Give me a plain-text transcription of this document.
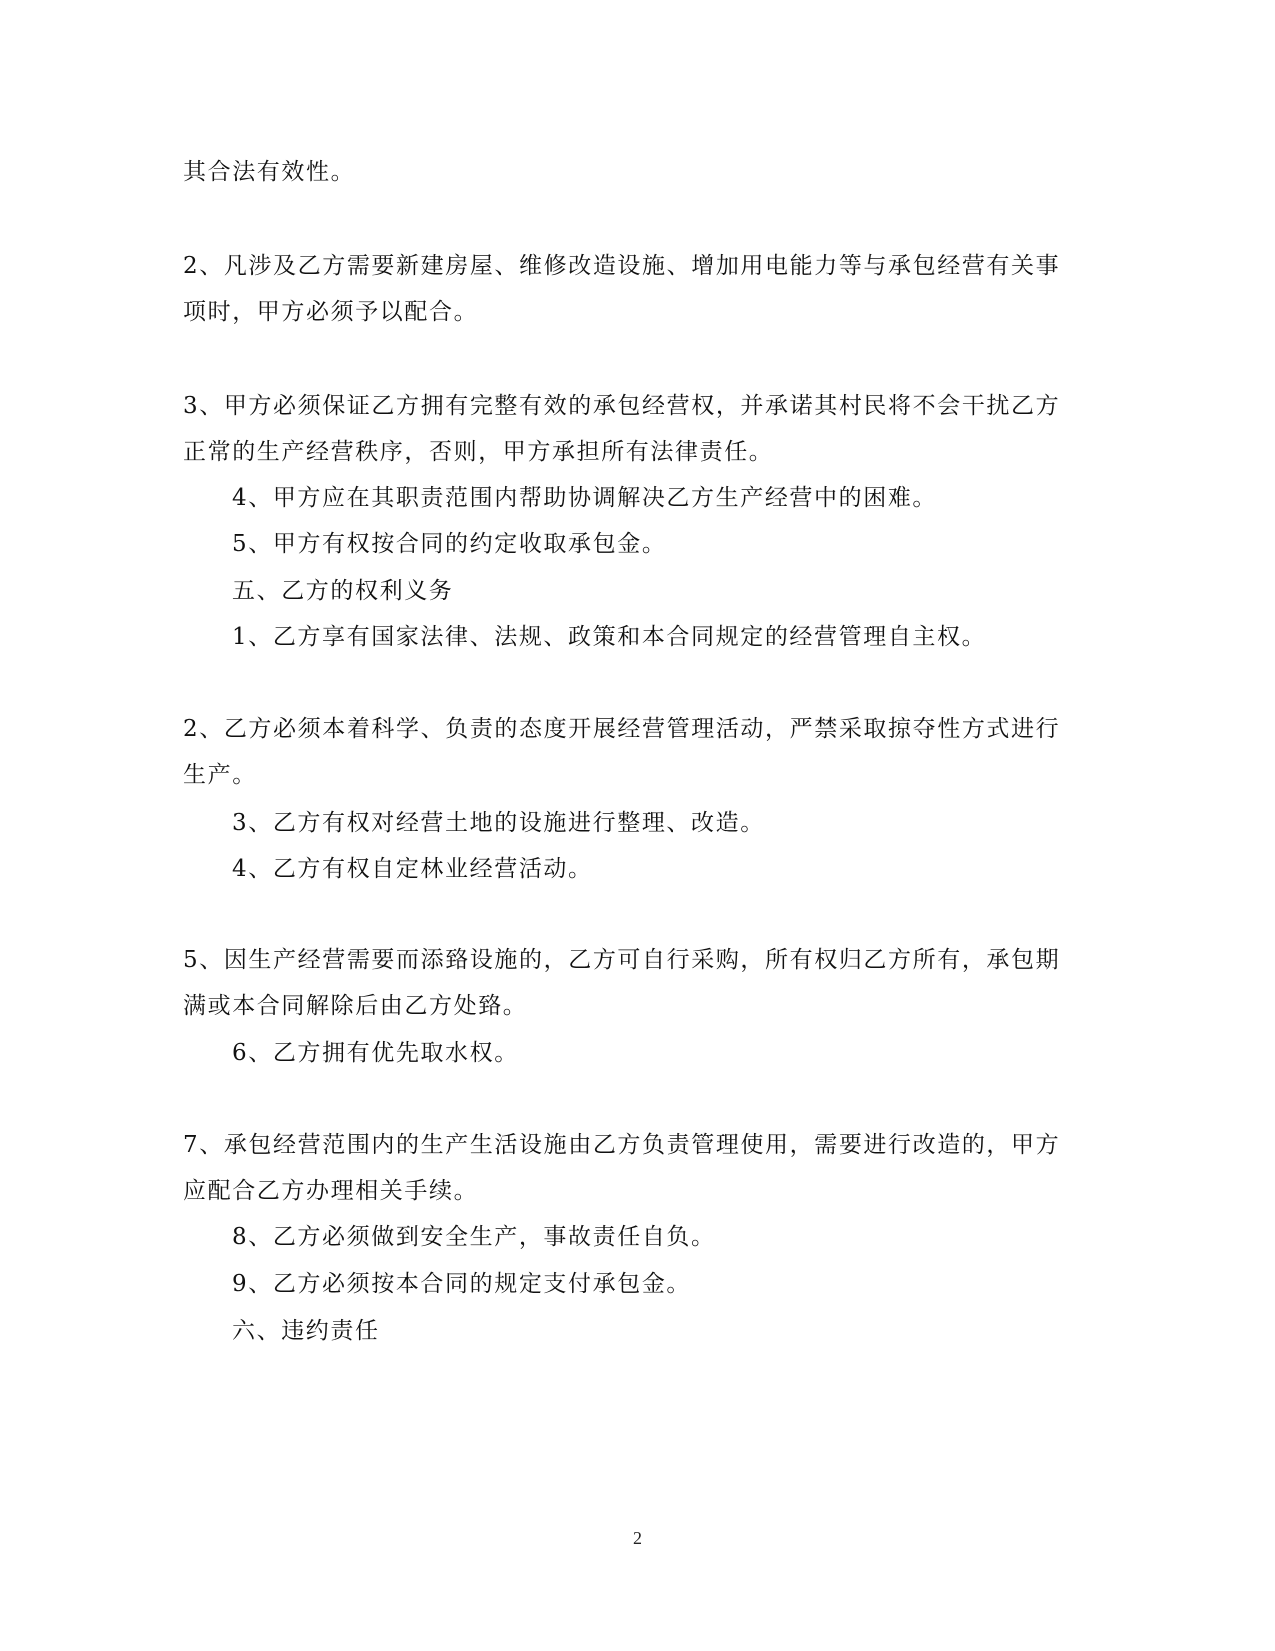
其合法有效性。
2、凡涉及乙方需要新建房屋、维修改造设施、增加用电能力等与承包经营有关事
项时，甲方必须予以配合。
3、甲方必须保证乙方拥有完整有效的承包经营权，并承诺其村民将不会干扰乙方
正常的生产经营秩序，否则，甲方承担所有法律责任。
4、甲方应在其职责范围内帮助协调解决乙方生产经营中的困难。
5、甲方有权按合同的约定收取承包金。
五、乙方的权利义务
1、乙方享有国家法律、法规、政策和本合同规定的经营管理自主权。
2、乙方必须本着科学、负责的态度开展经营管理活动，严禁采取掠夺性方式进行
生产。
3、乙方有权对经营土地的设施进行整理、改造。
4、乙方有权自定林业经营活动。
5、因生产经营需要而添臵设施的，乙方可自行采购，所有权归乙方所有，承包期
满或本合同解除后由乙方处臵。
6、乙方拥有优先取水权。
7、承包经营范围内的生产生活设施由乙方负责管理使用，需要进行改造的，甲方
应配合乙方办理相关手续。
8、乙方必须做到安全生产，事故责任自负。
9、乙方必须按本合同的规定支付承包金。
六、违约责任
2
